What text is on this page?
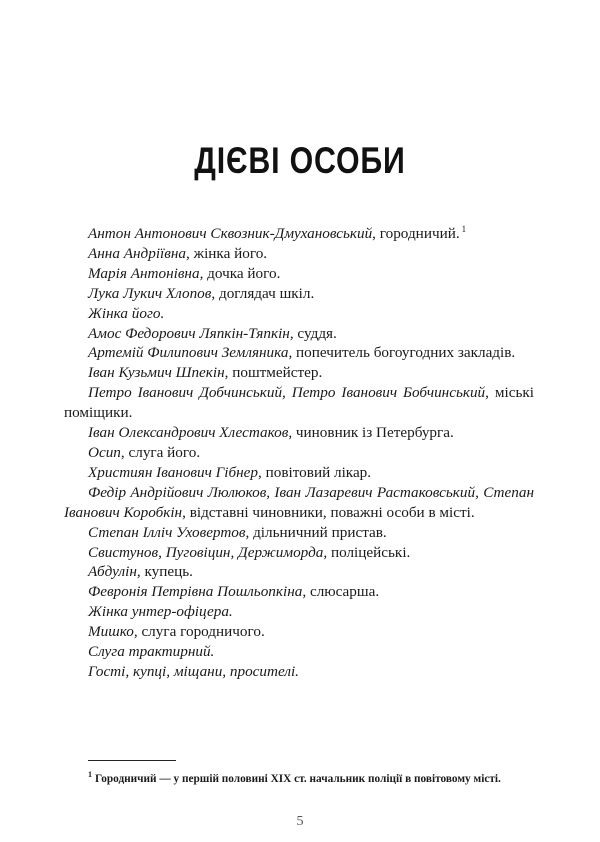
ДІЄВІ ОСОБИ

Антон Антонович Сквозник-Дмухановський, городничий. $^1$

Анна Андріївна, жінка його.

Марія Антонівна, дочка його.

Лука Лукич Хлопов, доглядач шкіл.

Жінка його.

Амос Федорович Ляпкін-Тяпкін, суддя.

Артемій Филипович Земляника, попечитель богоугодних закладів.

Іван Кузьмич Шпекін, поштмейстер.

Петро Іванович Добчинський, Петро Іванович Бобчинський, міські поміщики.

Іван Олександрович Хлестаков, чиновник із Петербурга.

Осип, слуга його.

Християн Іванович Гібнер, повітовий лікар.

Федір Андрійович Люлюков, Іван Лазаревич Растаковський, Степан Іванович Коробкін, відставні чиновники, поважні особи в місті.

Степан Ілліч Уховертов, дільничний пристав.

Свистунов, Пуговіцин, Держиморда, поліцейські.

Абдулін, купець.

Февронія Петрівна Пошльопкіна, слюсарша.

Жінка унтер-офіцера.

Мишко, слуга городничого.

Слуга трактирний.

Гості, купці, міщани, просителі.

$^1$ Городничий — у першій половині XIX ст. начальник поліції в повітовому місті.
5
